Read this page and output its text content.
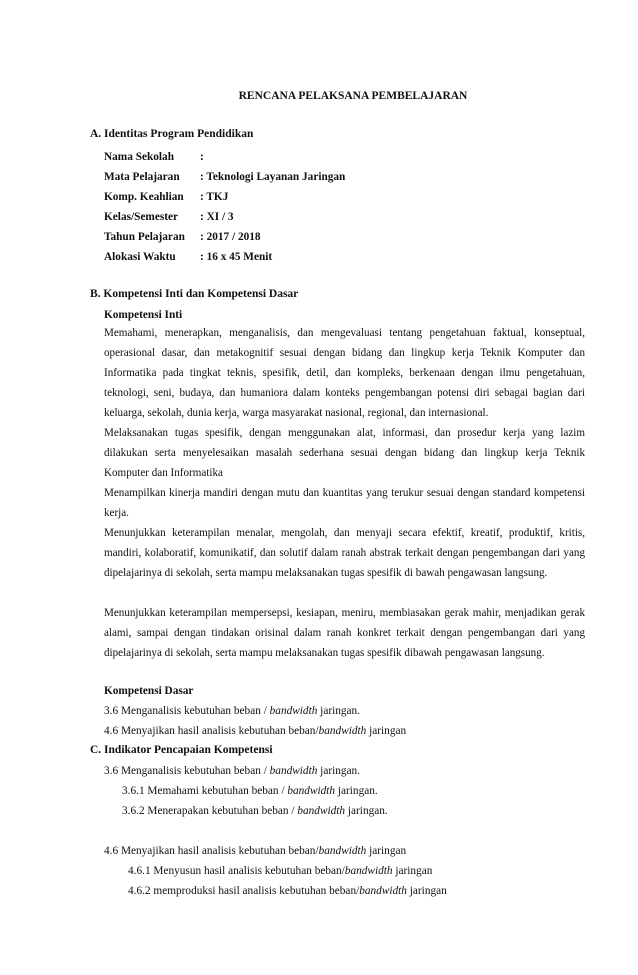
RENCANA PELAKSANA PEMBELAJARAN
A. Identitas Program Pendidikan
Nama Sekolah :
Mata Pelajaran : Teknologi Layanan Jaringan
Komp. Keahlian : TKJ
Kelas/Semester : XI / 3
Tahun Pelajaran : 2017 / 2018
Alokasi Waktu : 16 x 45 Menit
B. Kompetensi Inti dan Kompetensi Dasar
Kompetensi Inti
Memahami, menerapkan, menganalisis, dan mengevaluasi tentang pengetahuan faktual, konseptual, operasional dasar, dan metakognitif sesuai dengan bidang dan lingkup kerja Teknik Komputer dan Informatika pada tingkat teknis, spesifik, detil, dan kompleks, berkenaan dengan ilmu pengetahuan, teknologi, seni, budaya, dan humaniora dalam konteks pengembangan potensi diri sebagai bagian dari keluarga, sekolah, dunia kerja, warga masyarakat nasional, regional, dan internasional.
Melaksanakan tugas spesifik, dengan menggunakan alat, informasi, dan prosedur kerja yang lazim dilakukan serta menyelesaikan masalah sederhana sesuai dengan bidang dan lingkup kerja Teknik Komputer dan Informatika
Menampilkan kinerja mandiri dengan mutu dan kuantitas yang terukur sesuai dengan standard kompetensi kerja.
Menunjukkan keterampilan menalar, mengolah, dan menyaji secara efektif, kreatif, produktif, kritis, mandiri, kolaboratif, komunikatif, dan solutif dalam ranah abstrak terkait dengan pengembangan dari yang dipelajarinya di sekolah, serta mampu melaksanakan tugas spesifik di bawah pengawasan langsung.
Menunjukkan keterampilan mempersepsi, kesiapan, meniru, membiasakan gerak mahir, menjadikan gerak alami, sampai dengan tindakan orisinal dalam ranah konkret terkait dengan pengembangan dari yang dipelajarinya di sekolah, serta mampu melaksanakan tugas spesifik dibawah pengawasan langsung.
Kompetensi Dasar
3.6 Menganalisis kebutuhan beban / bandwidth jaringan.
4.6 Menyajikan hasil analisis kebutuhan beban/bandwidth jaringan
C. Indikator Pencapaian Kompetensi
3.6 Menganalisis kebutuhan beban / bandwidth jaringan.
3.6.1 Memahami kebutuhan beban / bandwidth jaringan.
3.6.2 Menerapakan kebutuhan beban / bandwidth jaringan.
4.6 Menyajikan hasil analisis kebutuhan beban/bandwidth jaringan
4.6.1 Menyusun hasil analisis kebutuhan beban/bandwidth jaringan
4.6.2 memproduksi hasil analisis kebutuhan beban/bandwidth jaringan
